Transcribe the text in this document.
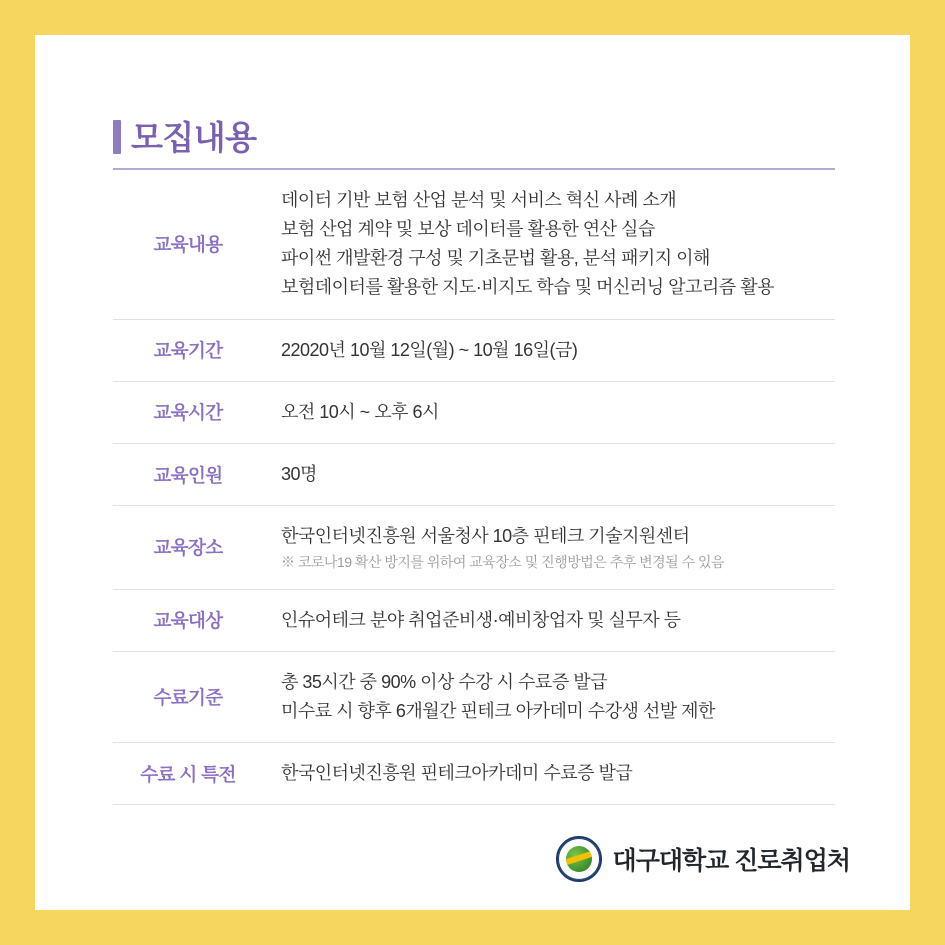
모집내용
교육내용	데이터 기반 보험 산업 분석 및 서비스 혁신 사례 소개
보험 산업 계약 및 보상 데이터를 활용한 연산 실습
파이썬 개발환경 구성 및 기초문법 활용, 분석 패키지 이해
보험데이터를 활용한 지도·비지도 학습 및 머신러닝 알고리즘 활용

교육기간	22020년 10월 12일(월) ~ 10월 16일(금)

교육시간	오전 10시 ~ 오후 6시

교육인원	30명

교육장소	한국인터넷진흥원 서울청사 10층 핀테크 기술지원센터
※ 코로나19 확산 방지를 위하여 교육장소 및 진행방법은 추후 변경될 수 있음

교육대상	인슈어테크 분야 취업준비생·예비창업자 및 실무자 등

수료기준	총 35시간 중 90% 이상 수강 시 수료증 발급
미수료 시 향후 6개월간 핀테크 아카데미 수강생 선발 제한

수료 시 특전	한국인터넷진흥원 핀테크아카데미 수료증 발급
대구대학교 진로취업처
